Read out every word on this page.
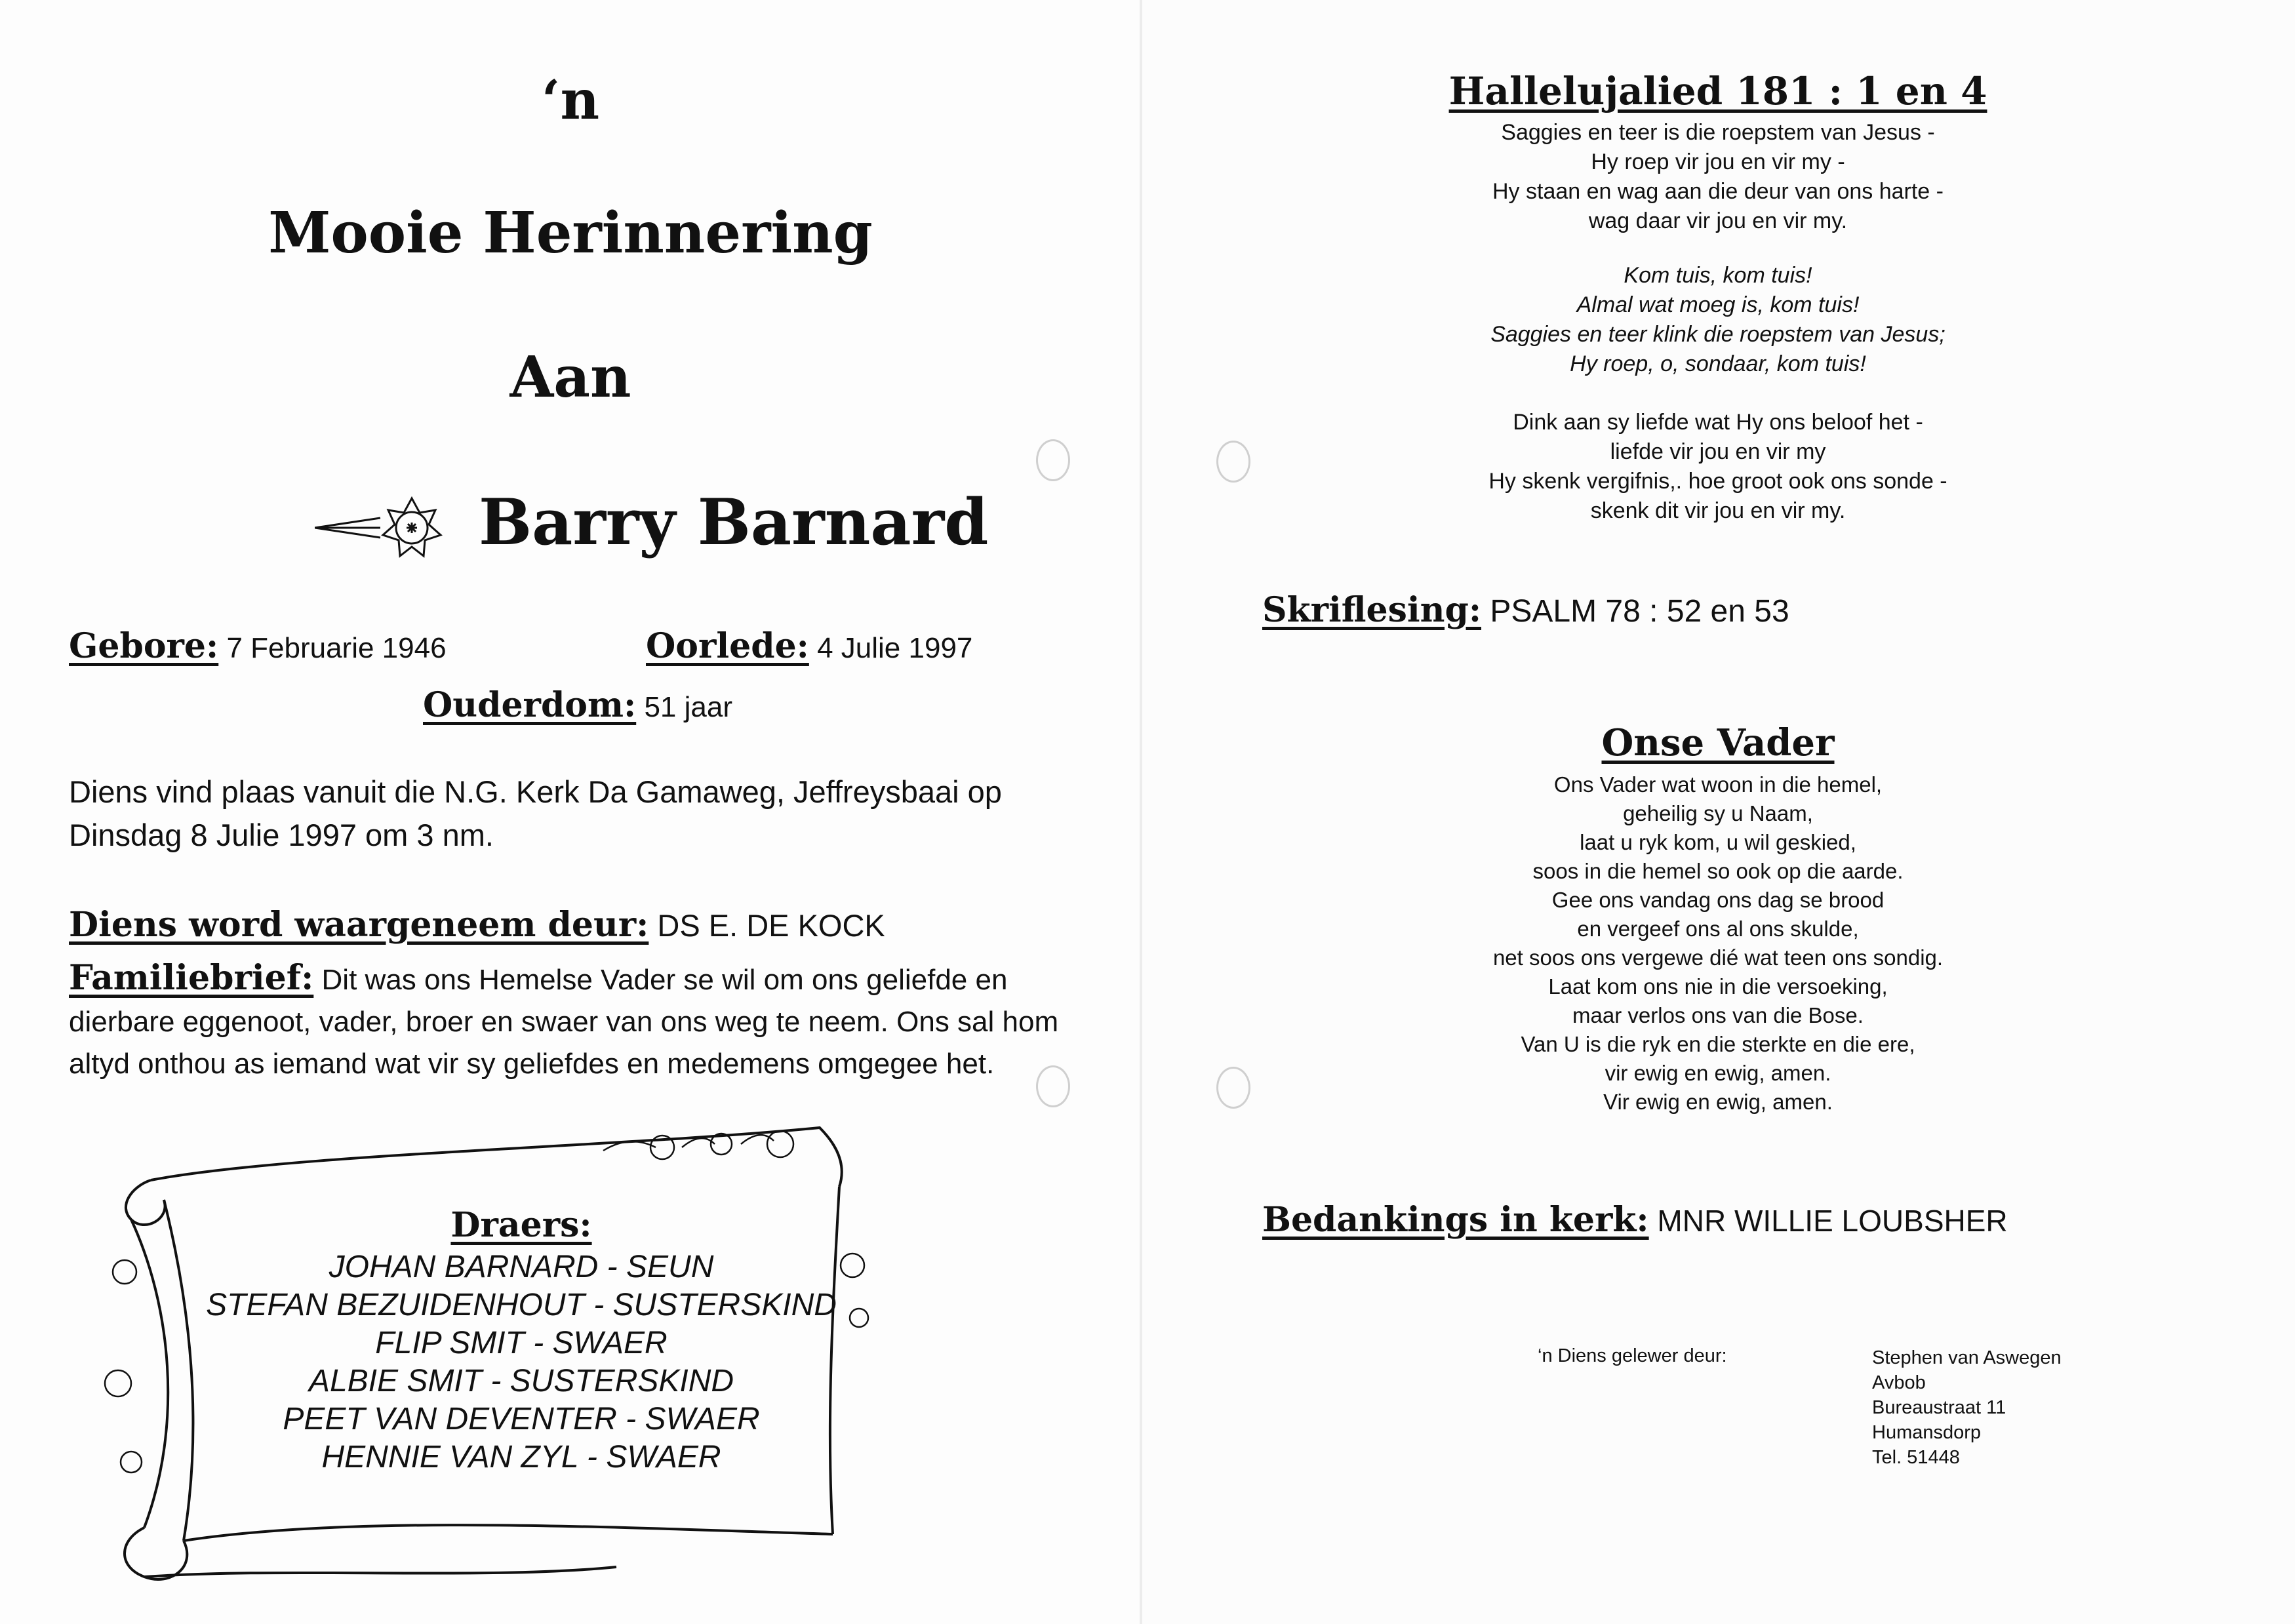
‘n
Mooie Herinnering
Aan
Barry Barnard
Gebore: 7 Februarie 1946	Oorlede: 4 Julie 1997
Ouderdom: 51 jaar
Diens vind plaas vanuit die N.G. Kerk Da Gamaweg, Jeffreysbaai op Dinsdag 8 Julie 1997 om 3 nm.
Diens word waargeneem deur: DS E. DE KOCK
Familiebrief: Dit was ons Hemelse Vader se wil om ons geliefde en dierbare eggenoot, vader, broer en swaer van ons weg te neem. Ons sal hom altyd onthou as iemand wat vir sy geliefdes en medemens omgegee het.
Draers:
JOHAN BARNARD - SEUN
STEFAN BEZUIDENHOUT - SUSTERSKIND
FLIP SMIT - SWAER
ALBIE SMIT - SUSTERSKIND
PEET VAN DEVENTER - SWAER
HENNIE VAN ZYL - SWAER
Hallelujalied 181 : 1 en 4
Saggies en teer is die roepstem van Jesus -
Hy roep vir jou en vir my -
Hy staan en wag aan die deur van ons harte -
wag daar vir jou en vir my.
Kom tuis, kom tuis!
Almal wat moeg is, kom tuis!
Saggies en teer klink die roepstem van Jesus;
Hy roep, o, sondaar, kom tuis!
Dink aan sy liefde wat Hy ons beloof het -
liefde vir jou en vir my
Hy skenk vergifnis,. hoe groot ook ons sonde -
skenk dit vir jou en vir my.
Skriflesing: PSALM 78 : 52 en 53
Onse Vader
Ons Vader wat woon in die hemel,
geheilig sy u Naam,
laat u ryk kom, u wil geskied,
soos in die hemel so ook op die aarde.
Gee ons vandag ons dag se brood
en vergeef ons al ons skulde,
net soos ons vergewe dié wat teen ons sondig.
Laat kom ons nie in die versoeking,
maar verlos ons van die Bose.
Van U is die ryk en die sterkte en die ere,
vir ewig en ewig, amen.
Vir ewig en ewig, amen.
Bedankings in kerk: MNR WILLIE LOUBSHER
‘n Diens gelewer deur:	Stephen van Aswegen
Avbob
Bureaustraat 11
Humansdorp
Tel. 51448
